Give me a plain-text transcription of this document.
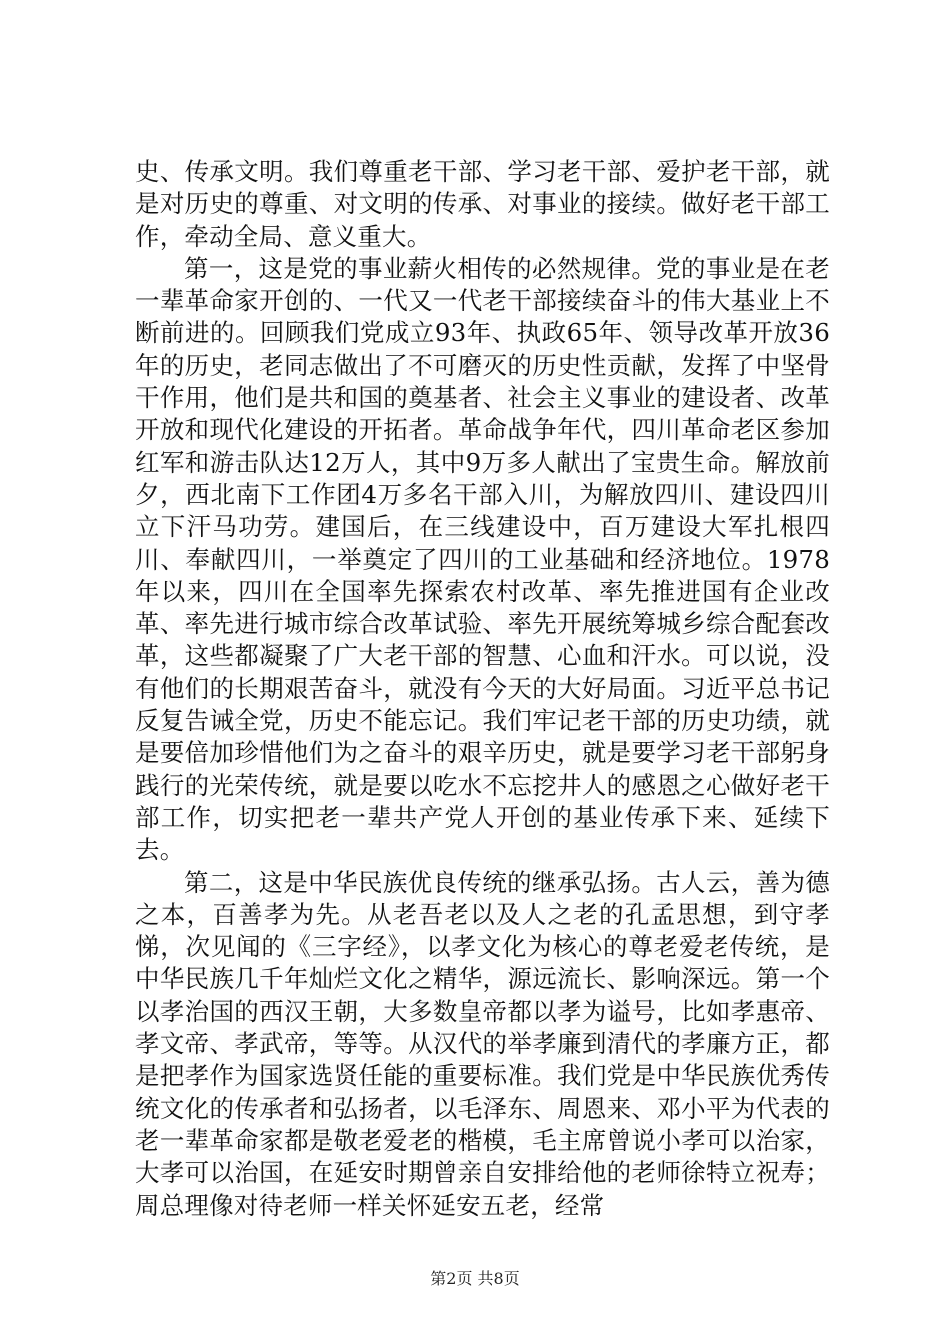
史、传承文明。我们尊重老干部、学习老干部、爱护老干部，就是对历史的尊重、对文明的传承、对事业的接续。做好老干部工作，牵动全局、意义重大。

第一，这是党的事业薪火相传的必然规律。党的事业是在老一辈革命家开创的、一代又一代老干部接续奋斗的伟大基业上不断前进的。回顾我们党成立93年、执政65年、领导改革开放36年的历史，老同志做出了不可磨灭的历史性贡献，发挥了中坚骨干作用，他们是共和国的奠基者、社会主义事业的建设者、改革开放和现代化建设的开拓者。革命战争年代，四川革命老区参加红军和游击队达12万人，其中9万多人献出了宝贵生命。解放前夕，西北南下工作团4万多名干部入川，为解放四川、建设四川立下汗马功劳。建国后，在三线建设中，百万建设大军扎根四川、奉献四川，一举奠定了四川的工业基础和经济地位。1978年以来，四川在全国率先探索农村改革、率先推进国有企业改革、率先进行城市综合改革试验、率先开展统筹城乡综合配套改革，这些都凝聚了广大老干部的智慧、心血和汗水。可以说，没有他们的长期艰苦奋斗，就没有今天的大好局面。习近平总书记反复告诫全党，历史不能忘记。我们牢记老干部的历史功绩，就是要倍加珍惜他们为之奋斗的艰辛历史，就是要学习老干部躬身践行的光荣传统，就是要以吃水不忘挖井人的感恩之心做好老干部工作，切实把老一辈共产党人开创的基业传承下来、延续下去。

第二，这是中华民族优良传统的继承弘扬。古人云，善为德之本，百善孝为先。从老吾老以及人之老的孔孟思想，到守孝悌，次见闻的《三字经》，以孝文化为核心的尊老爱老传统，是中华民族几千年灿烂文化之精华，源远流长、影响深远。第一个以孝治国的西汉王朝，大多数皇帝都以孝为谥号，比如孝惠帝、孝文帝、孝武帝，等等。从汉代的举孝廉到清代的孝廉方正，都是把孝作为国家选贤任能的重要标准。我们党是中华民族优秀传统文化的传承者和弘扬者，以毛泽东、周恩来、邓小平为代表的老一辈革命家都是敬老爱老的楷模，毛主席曾说小孝可以治家，大孝可以治国，在延安时期曾亲自安排给他的老师徐特立祝寿；周总理像对待老师一样关怀延安五老，经常

第2页 共8页
